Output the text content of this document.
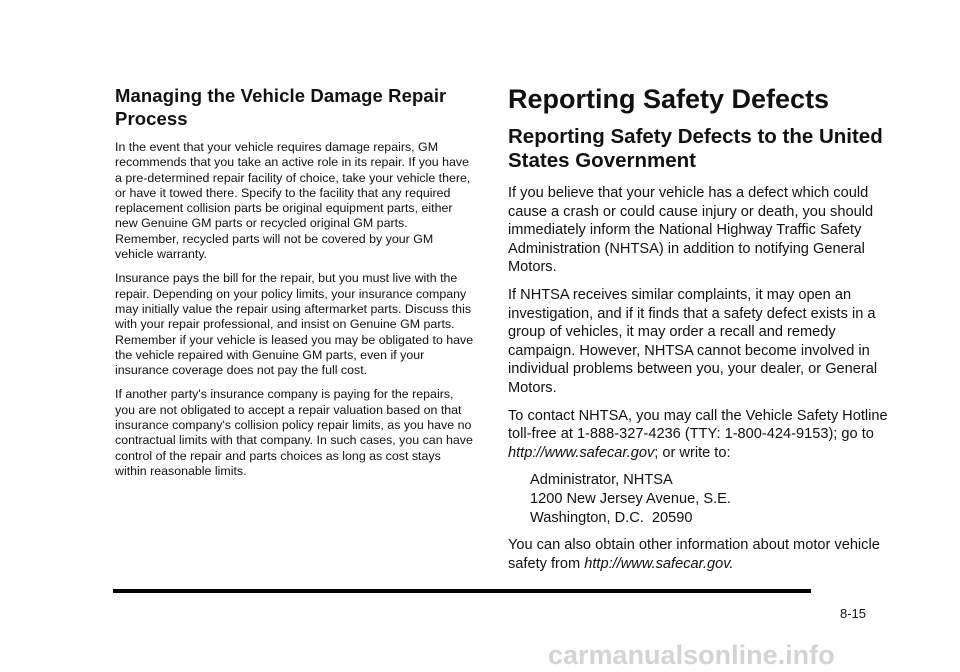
Managing the Vehicle Damage Repair Process

In the event that your vehicle requires damage repairs, GM recommends that you take an active role in its repair. If you have a pre-determined repair facility of choice, take your vehicle there, or have it towed there. Specify to the facility that any required replacement collision parts be original equipment parts, either new Genuine GM parts or recycled original GM parts. Remember, recycled parts will not be covered by your GM vehicle warranty.

Insurance pays the bill for the repair, but you must live with the repair. Depending on your policy limits, your insurance company may initially value the repair using aftermarket parts. Discuss this with your repair professional, and insist on Genuine GM parts. Remember if your vehicle is leased you may be obligated to have the vehicle repaired with Genuine GM parts, even if your insurance coverage does not pay the full cost.

If another party's insurance company is paying for the repairs, you are not obligated to accept a repair valuation based on that insurance company's collision policy repair limits, as you have no contractual limits with that company. In such cases, you can have control of the repair and parts choices as long as cost stays within reasonable limits.

Reporting Safety Defects
Reporting Safety Defects to the United States Government

If you believe that your vehicle has a defect which could cause a crash or could cause injury or death, you should immediately inform the National Highway Traffic Safety Administration (NHTSA) in addition to notifying General Motors.

If NHTSA receives similar complaints, it may open an investigation, and if it finds that a safety defect exists in a group of vehicles, it may order a recall and remedy campaign. However, NHTSA cannot become involved in individual problems between you, your dealer, or General Motors.

To contact NHTSA, you may call the Vehicle Safety Hotline toll-free at 1-888-327-4236 (TTY: 1-800-424-9153); go to http://www.safecar.gov; or write to:

Administrator, NHTSA
1200 New Jersey Avenue, S.E.
Washington, D.C.  20590

You can also obtain other information about motor vehicle safety from http://www.safecar.gov.

8-15
carmanualsonline.info
